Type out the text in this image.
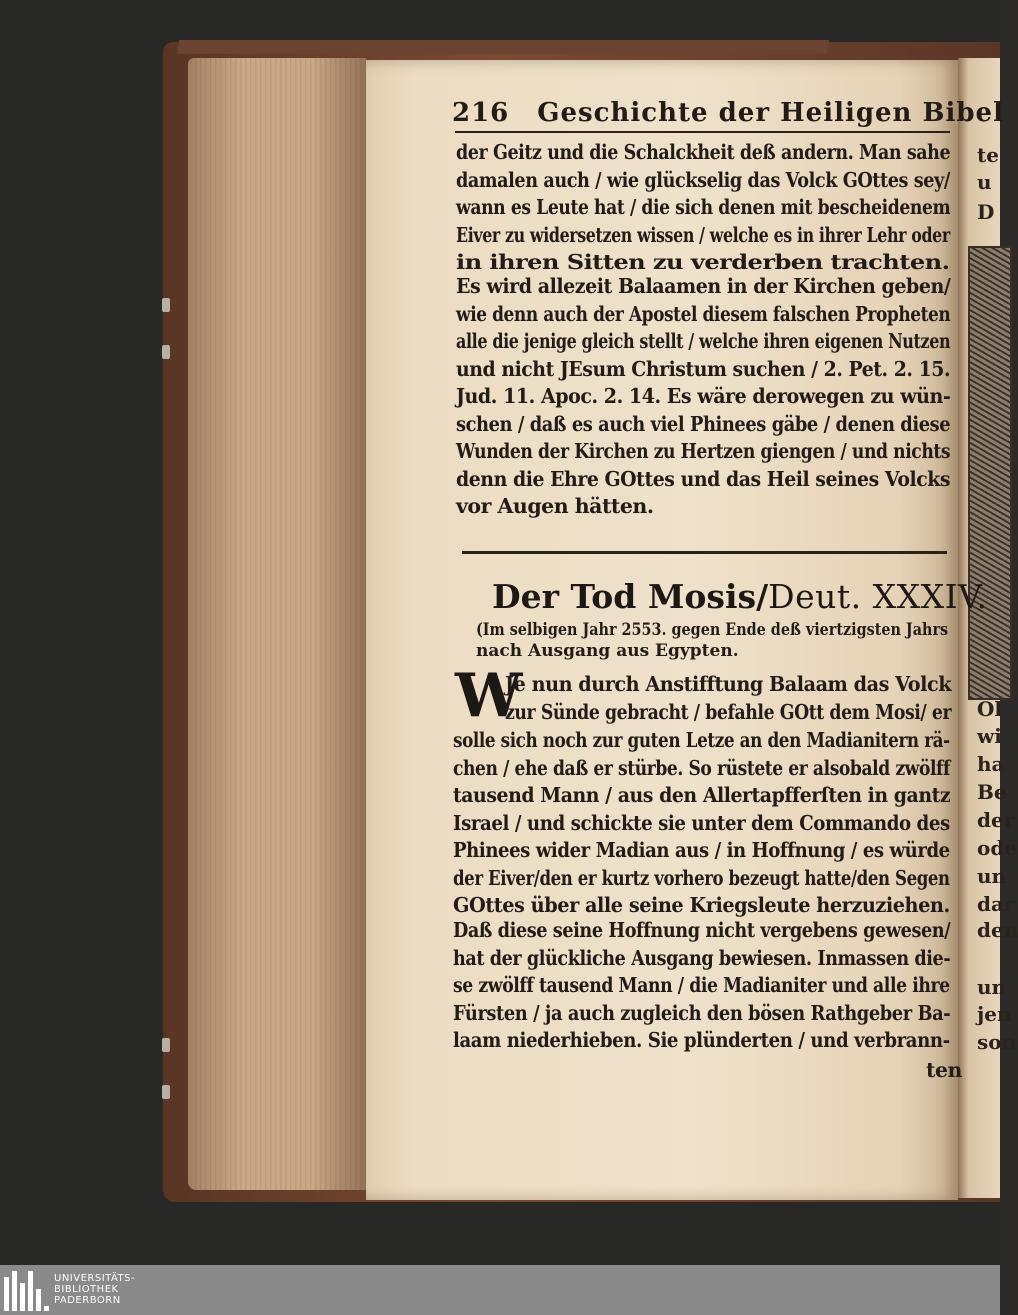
te
u
D
Ol
wi
ha
Be
der
ode
un
dar
den
un
jen
son
216 Geschichte der Heiligen Bibel
der Geitz und die Schalckheit deß andern. Man sahe
damalen auch / wie glückselig das Volck GOttes sey/
wann es Leute hat / die sich denen mit bescheidenem
Eiver zu widersetzen wissen / welche es in ihrer Lehr oder
in ihren Sitten zu verderben trachten.
Es wird allezeit Balaamen in der Kirchen geben/
wie denn auch der Apostel diesem falschen Propheten
alle die jenige gleich stellt / welche ihren eigenen Nutzen
und nicht JEsum Christum suchen / 2. Pet. 2. 15.
Jud. 11. Apoc. 2. 14. Es wäre derowegen zu wün-
schen / daß es auch viel Phinees gäbe / denen diese
Wunden der Kirchen zu Hertzen giengen / und nichts
denn die Ehre GOttes und das Heil seines Volcks
vor Augen hätten.
Der Tod Mosis/Deut. XXXIV.
(Im selbigen Jahr 2553. gegen Ende deß viertzigsten Jahrs
nach Ausgang aus Egypten.
W
Je nun durch Anstifftung Balaam das Volck
zur Sünde gebracht / befahle GOtt dem Mosi/ er
solle sich noch zur guten Letze an den Madianitern rä-
chen / ehe daß er stürbe. So rüstete er alsobald zwölff
tausend Mann / aus den Allertapfferſten in gantz
Israel / und schickte sie unter dem Commando des
Phinees wider Madian aus / in Hoffnung / es würde
der Eiver/den er kurtz vorhero bezeugt hatte/den Segen
GOttes über alle seine Kriegsleute herzuziehen.
Daß diese seine Hoffnung nicht vergebens gewesen/
hat der glückliche Ausgang bewiesen. Inmassen die-
se zwölff tausend Mann / die Madianiter und alle ihre
Fürsten / ja auch zugleich den bösen Rathgeber Ba-
laam niederhieben. Sie plünderten / und verbrann-
ten
UNIVERSITÄTS-
BIBLIOTHEK
PADERBORN
